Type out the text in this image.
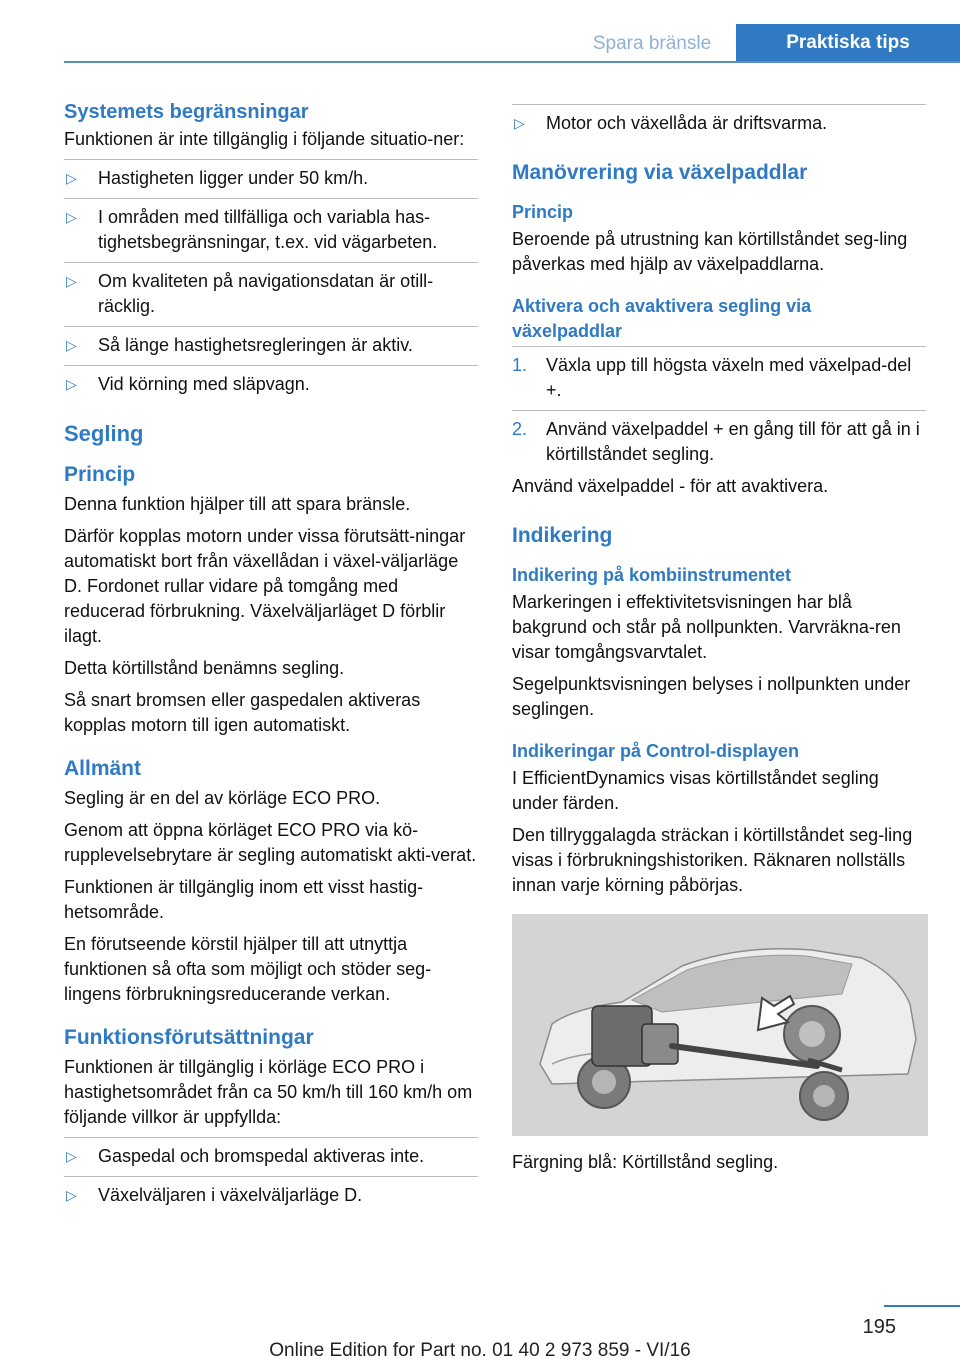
Spara bränsle	Praktiska tips
Systemets begränsningar
Funktionen är inte tillgänglig i följande situatio-ner:
▷ Hastigheten ligger under 50 km/h.
▷ I områden med tillfälliga och variabla has-tighetsbegränsningar, t.ex. vid vägarbeten.
▷ Om kvaliteten på navigationsdatan är otill-räcklig.
▷ Så länge hastighetsregleringen är aktiv.
▷ Vid körning med släpvagn.
Segling
Princip
Denna funktion hjälper till att spara bränsle.
Därför kopplas motorn under vissa förutsätt-ningar automatiskt bort från växellådan i växel-väljarläge D. Fordonet rullar vidare på tomgång med reducerad förbrukning. Växelväljarläget D förblir ilagt.
Detta körtillstånd benämns segling.
Så snart bromsen eller gaspedalen aktiveras kopplas motorn till igen automatiskt.
Allmänt
Segling är en del av körläge ECO PRO.
Genom att öppna körläget ECO PRO via kö-rupplevelsebrytare är segling automatiskt akti-verat.
Funktionen är tillgänglig inom ett visst hastig-hetsområde.
En förutseende körstil hjälper till att utnyttja funktionen så ofta som möjligt och stöder seg-lingens förbrukningsreducerande verkan.
Funktionsförutsättningar
Funktionen är tillgänglig i körläge ECO PRO i hastighetsområdet från ca 50 km/h till 160 km/h om följande villkor är uppfyllda:
▷ Gaspedal och bromspedal aktiveras inte.
▷ Växelväljaren i växelväljarläge D.
▷ Motor och växellåda är driftsvarma.
Manövrering via växelpaddlar
Princip
Beroende på utrustning kan körtillståndet seg-ling påverkas med hjälp av växelpaddlarna.
Aktivera och avaktivera segling via växelpaddlar
1. Växla upp till högsta växeln med växelpad-del +.
2. Använd växelpaddel + en gång till för att gå in i körtillståndet segling.
Använd växelpaddel - för att avaktivera.
Indikering
Indikering på kombiinstrumentet
Markeringen i effektivitetsvisningen har blå bakgrund och står på nollpunkten. Varvräkna-ren visar tomgångsvarvtalet.
Segelpunktsvisningen belyses i nollpunkten under seglingen.
Indikeringar på Control-displayen
I EfficientDynamics visas körtillståndet segling under färden.
Den tillryggalagda sträckan i körtillståndet seg-ling visas i förbrukningshistoriken. Räknaren nollställs innan varje körning påbörjas.
Färgning blå: Körtillstånd segling.
195
Online Edition for Part no. 01 40 2 973 859 - VI/16
